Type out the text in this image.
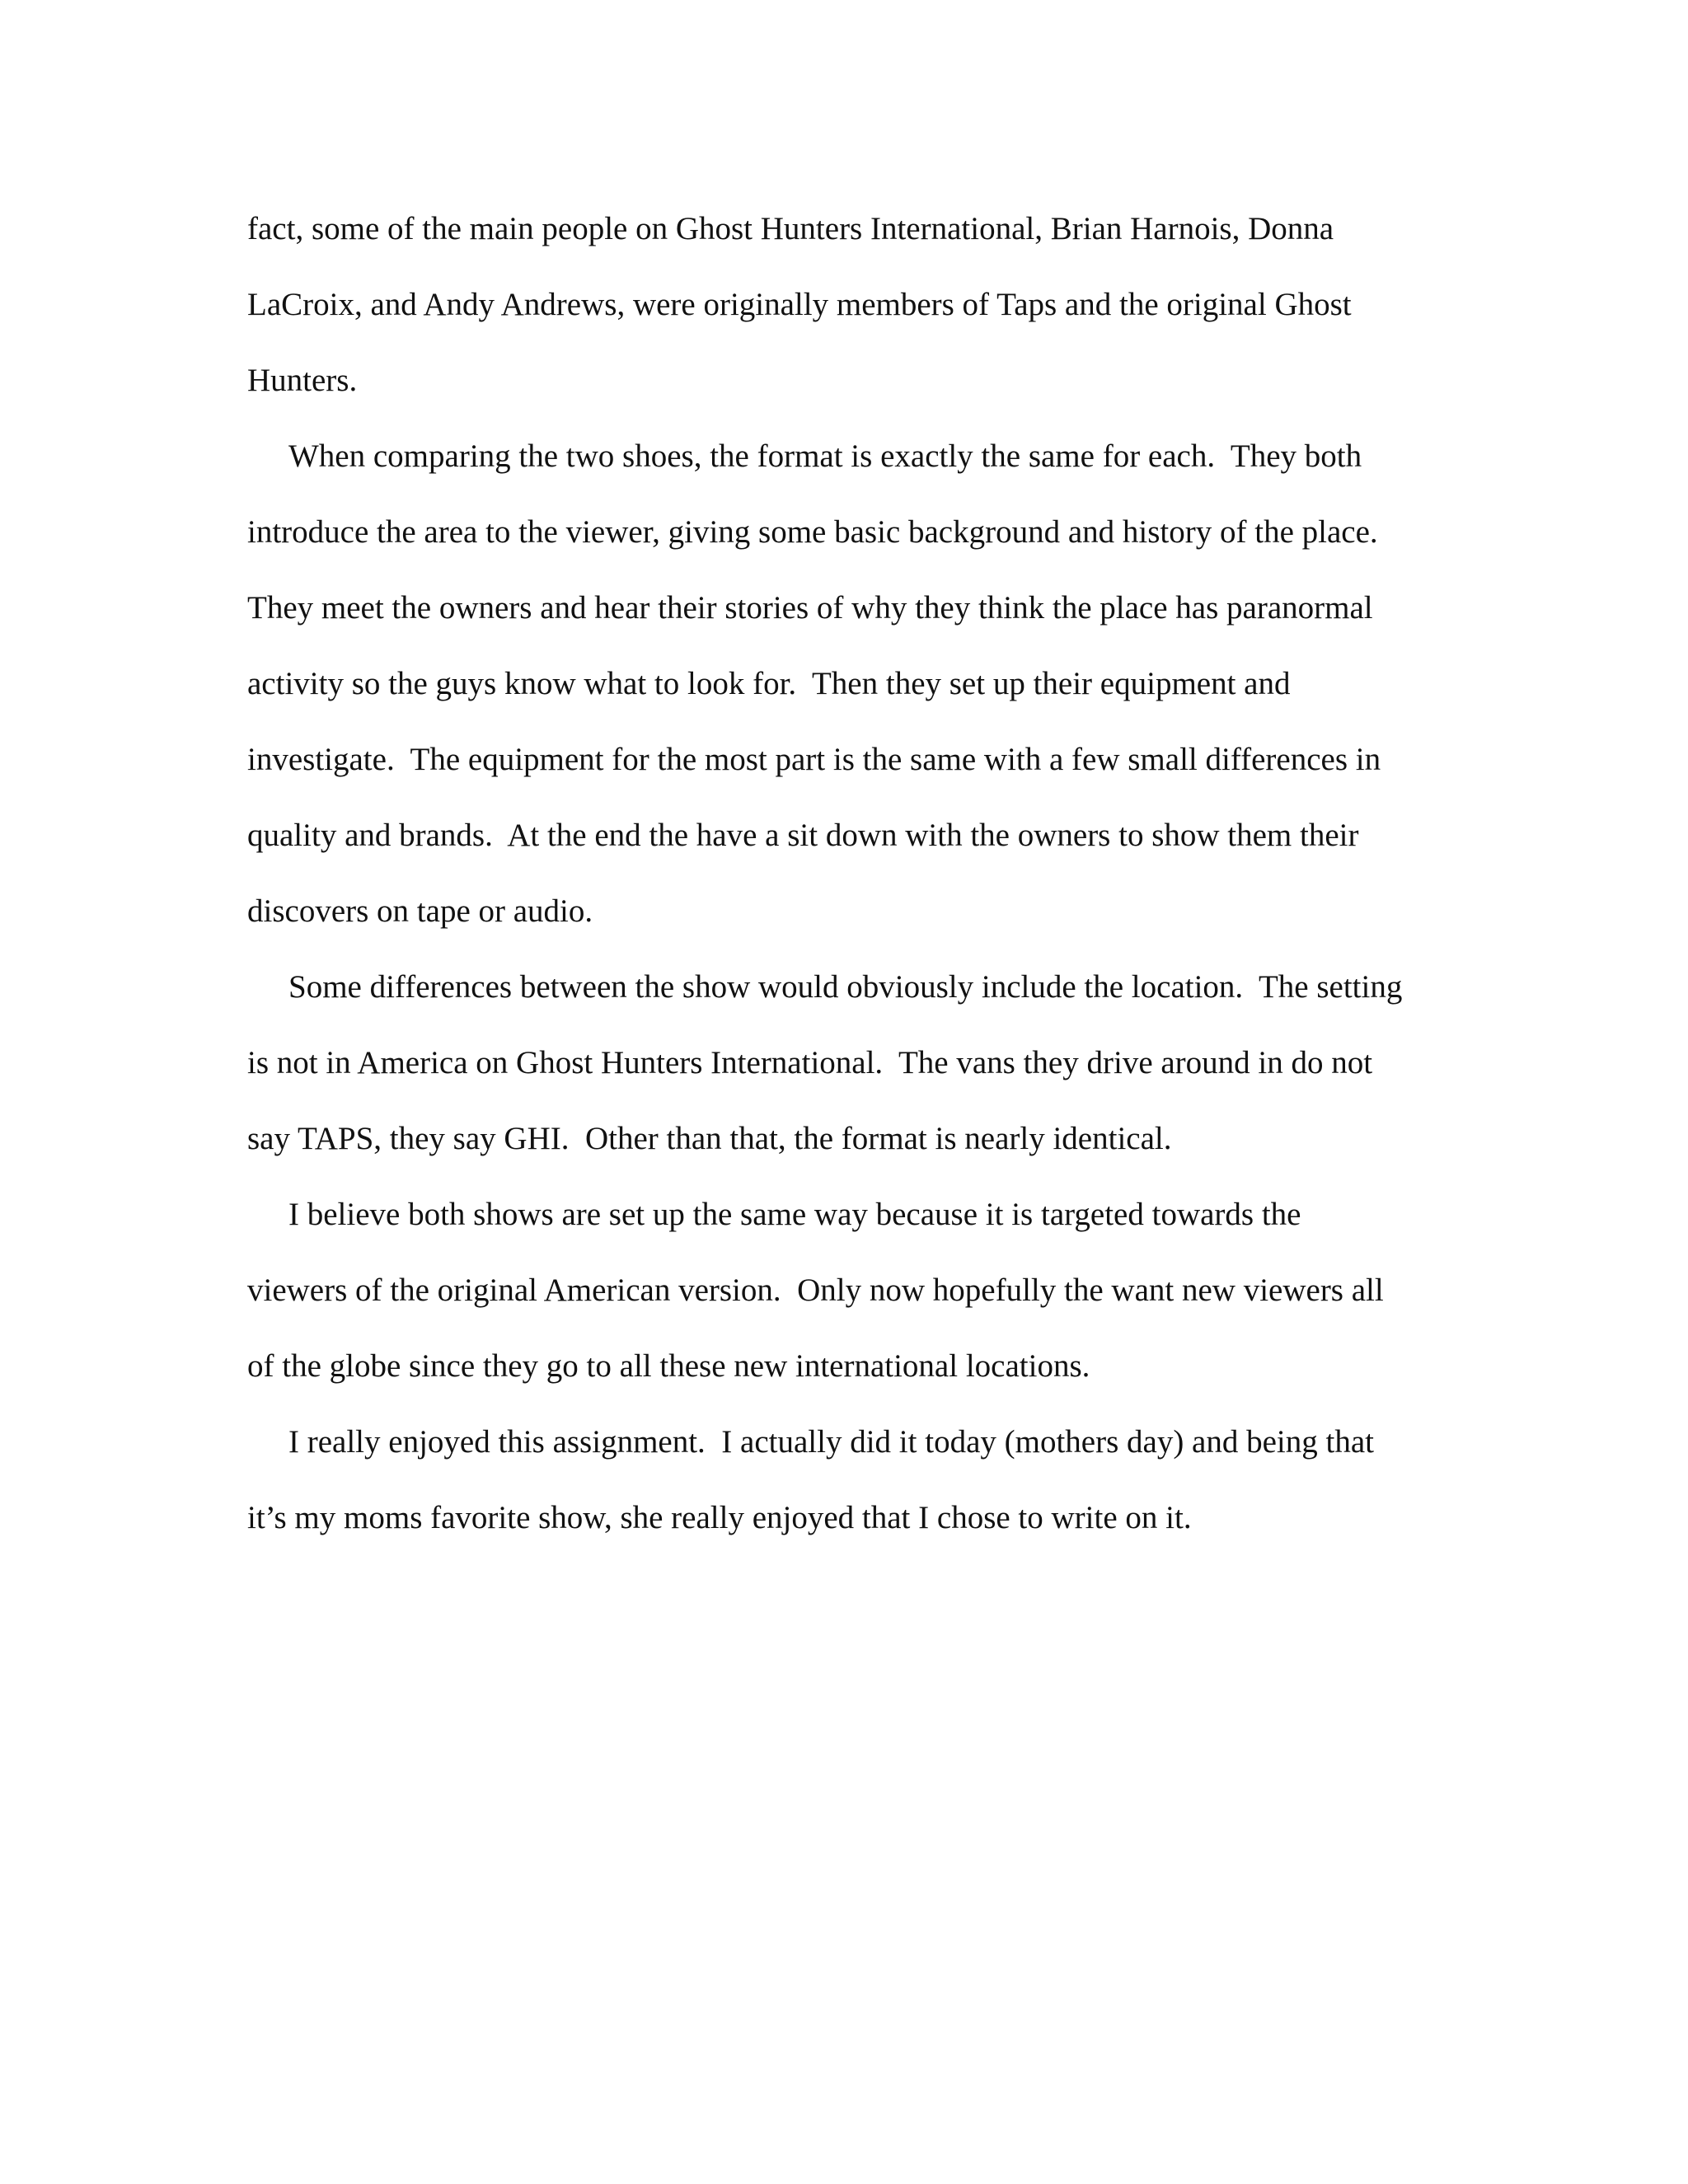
fact, some of the main people on Ghost Hunters International, Brian Harnois, Donna
LaCroix, and Andy Andrews, were originally members of Taps and the original Ghost
Hunters.
When comparing the two shoes, the format is exactly the same for each.  They both
introduce the area to the viewer, giving some basic background and history of the place.
They meet the owners and hear their stories of why they think the place has paranormal
activity so the guys know what to look for.  Then they set up their equipment and
investigate.  The equipment for the most part is the same with a few small differences in
quality and brands.  At the end the have a sit down with the owners to show them their
discovers on tape or audio.
Some differences between the show would obviously include the location.  The setting
is not in America on Ghost Hunters International.  The vans they drive around in do not
say TAPS, they say GHI.  Other than that, the format is nearly identical.
I believe both shows are set up the same way because it is targeted towards the
viewers of the original American version.  Only now hopefully the want new viewers all
of the globe since they go to all these new international locations.
I really enjoyed this assignment.  I actually did it today (mothers day) and being that
it’s my moms favorite show, she really enjoyed that I chose to write on it.
